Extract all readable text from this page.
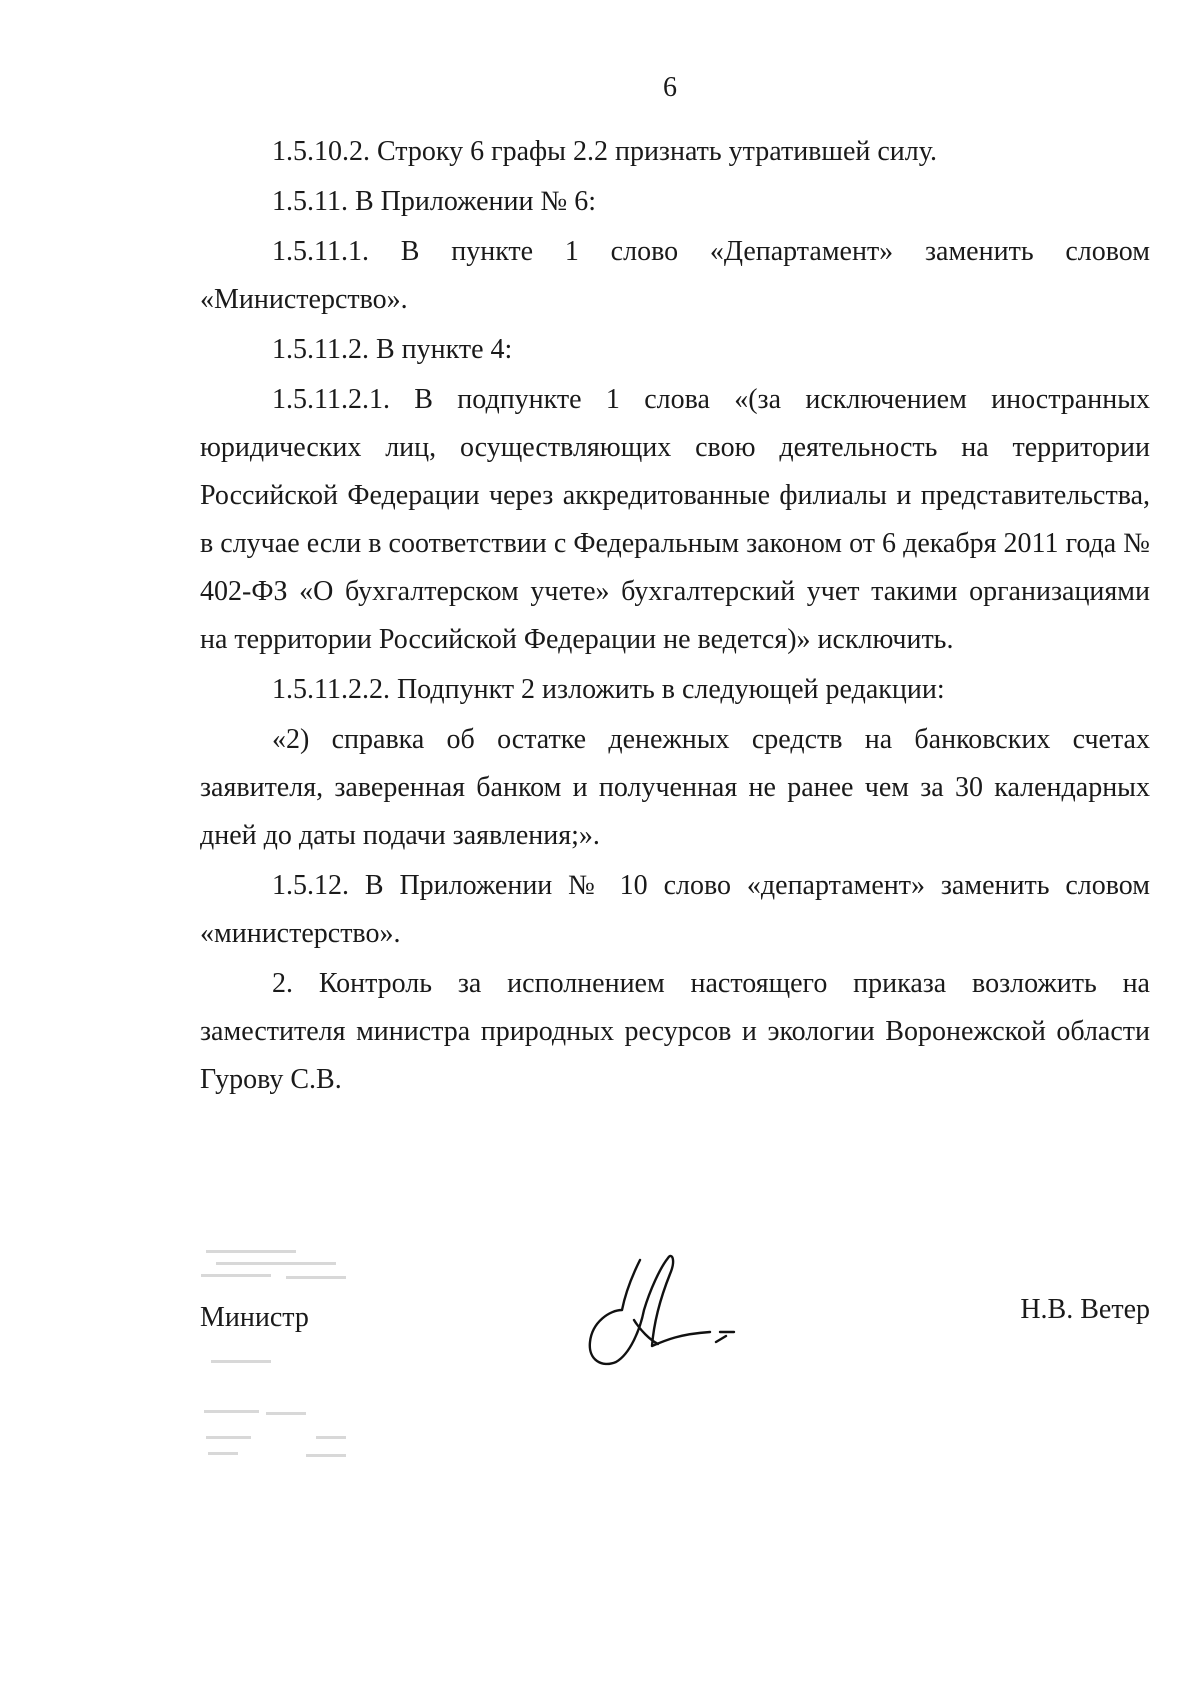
6

1.5.10.2. Строку 6 графы 2.2 признать утратившей силу.

1.5.11. В Приложении № 6:

1.5.11.1. В пункте 1 слово «Департамент» заменить словом «Министерство».

1.5.11.2. В пункте 4:

1.5.11.2.1. В подпункте 1 слова «(за исключением иностранных юридических лиц, осуществляющих свою деятельность на территории Российской Федерации через аккредитованные филиалы и представительства, в случае если в соответствии с Федеральным законом от 6 декабря 2011 года № 402-ФЗ «О бухгалтерском учете» бухгалтерский учет такими организациями на территории Российской Федерации не ведется)» исключить.

1.5.11.2.2. Подпункт 2 изложить в следующей редакции:

«2) справка об остатке денежных средств на банковских счетах заявителя, заверенная банком и полученная не ранее чем за 30 календарных дней до даты подачи заявления;».

1.5.12. В Приложении № 10 слово «департамент» заменить словом «министерство».

2. Контроль за исполнением настоящего приказа возложить на заместителя министра природных ресурсов и экологии Воронежской области Гурову С.В.

Министр	Н.В. Ветер
